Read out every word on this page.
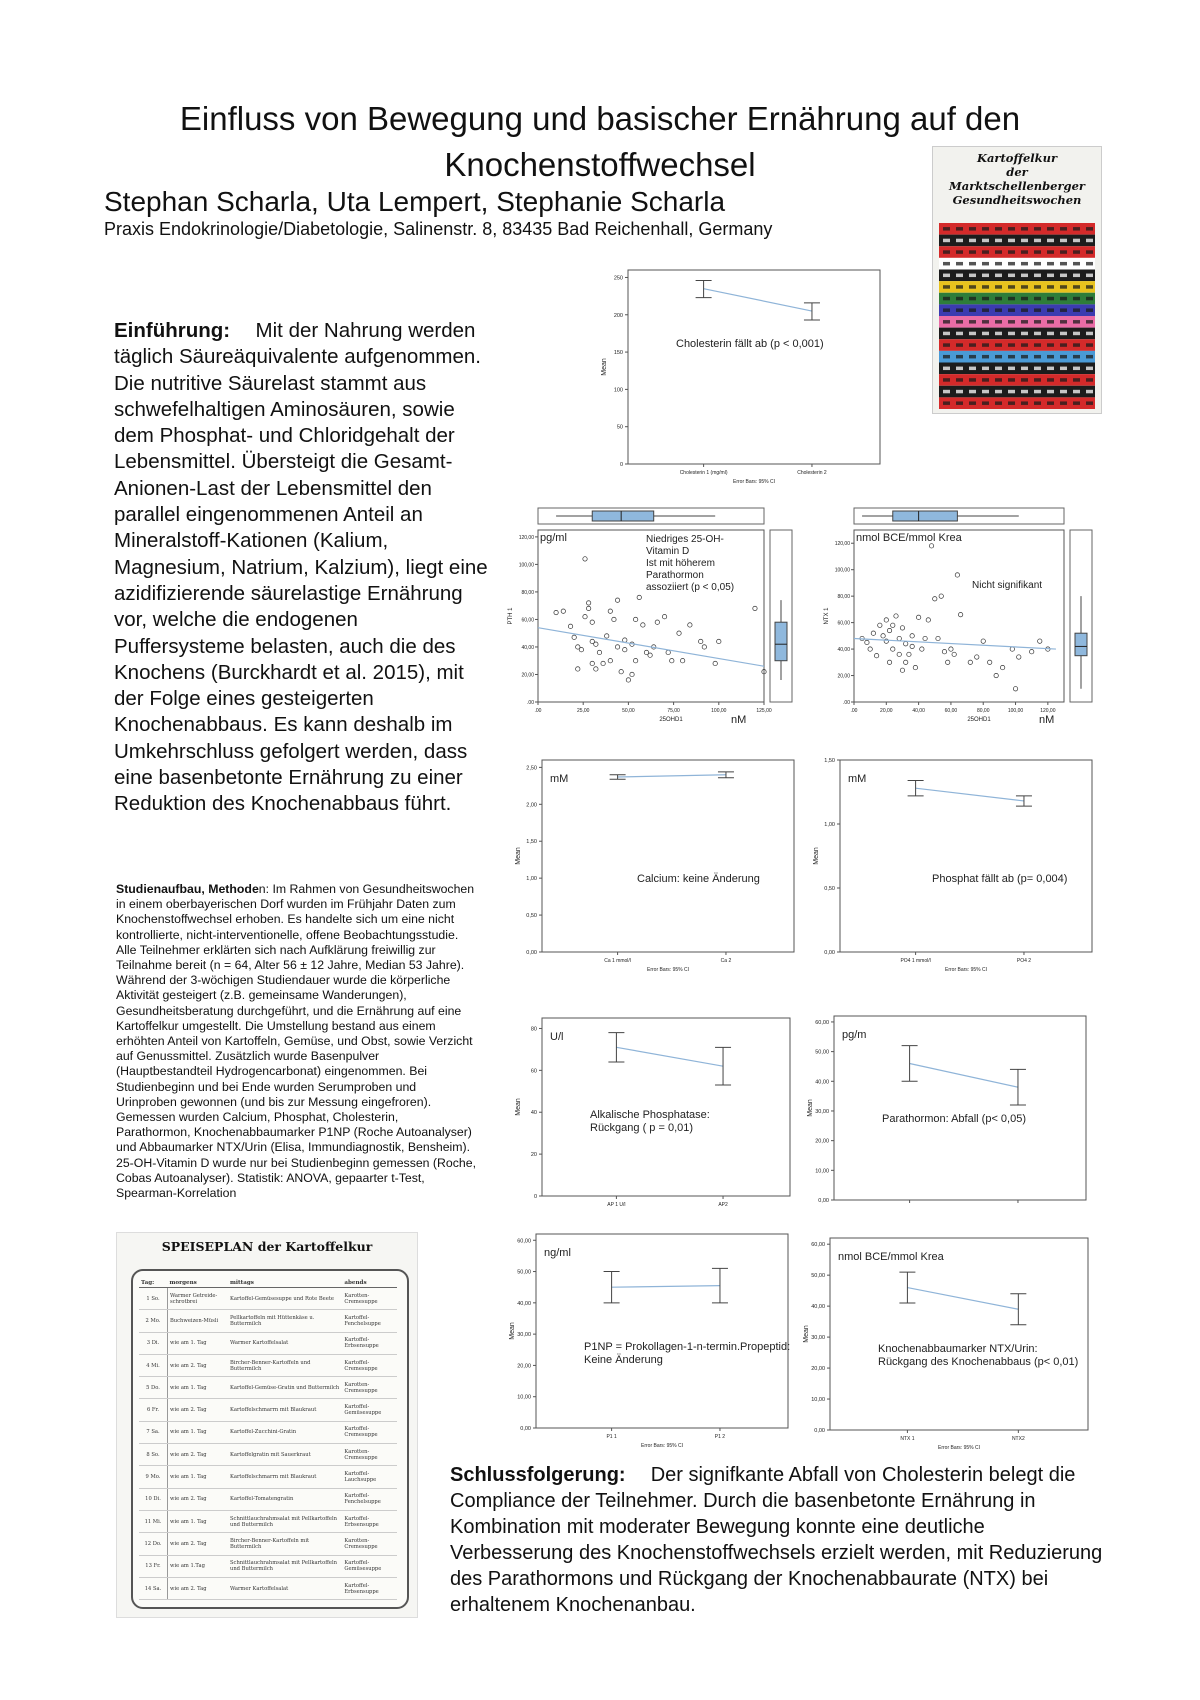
Einfluss von Bewegung und basischer Ernährung auf den
Knochenstoffwechsel
Stephan Scharla, Uta Lempert, Stephanie Scharla
Praxis Endokrinologie/Diabetologie, Salinenstr. 8, 83435 Bad Reichenhall, Germany
Kartoffelkur
der
Marktschellenberger
Gesundheitswochen
Einführung: Mit der Nahrung werden täglich Säureäquivalente aufgenommen. Die nutritive Säurelast stammt aus schwefelhaltigen Aminosäuren, sowie dem Phosphat- und Chloridgehalt der Lebensmittel. Übersteigt die Gesamt-Anionen-Last der Lebensmittel den parallel eingenommenen Anteil an Mineralstoff-Kationen (Kalium, Magnesium, Natrium, Kalzium), liegt eine azidifizierende säurelastige Ernährung vor, welche die endogenen Puffersysteme belasten, auch die des Knochens (Burckhardt et al. 2015), mit der Folge eines gesteigerten Knochenabbaus. Es kann deshalb im Umkehrschluss gefolgert werden, dass eine basenbetonte Ernährung zu einer Reduktion des Knochenabbaus führt.
Studienaufbau, Methoden: Im Rahmen von Gesundheitswochen in einem oberbayerischen Dorf wurden im Frühjahr Daten zum Knochenstoffwechsel erhoben. Es handelte sich um eine nicht kontrollierte, nicht-interventionelle, offene Beobachtungsstudie. Alle Teilnehmer erklärten sich nach Aufklärung freiwillig zur Teilnahme bereit (n = 64, Alter 56 ± 12 Jahre, Median 53 Jahre). Während der 3-wöchigen Studiendauer wurde die körperliche Aktivität gesteigert (z.B. gemeinsame Wanderungen), Gesundheitsberatung durchgeführt, und die Ernährung auf eine Kartoffelkur umgestellt. Die Umstellung bestand aus einem erhöhten Anteil von Kartoffeln, Gemüse, und Obst, sowie Verzicht auf Genussmittel. Zusätzlich wurde Basenpulver (Hauptbestandteil Hydrogencarbonat) eingenommen. Bei Studienbeginn und bei Ende wurden Serumproben und Urinproben gewonnen (und bis zur Messung eingefroren). Gemessen wurden Calcium, Phosphat, Cholesterin, Parathormon, Knochenabbaumarker P1NP (Roche Autoanalyser) und Abbaumarker NTX/Urin (Elisa, Immundiagnostik, Bensheim). 25-OH-Vitamin D wurde nur bei Studienbeginn gemessen (Roche, Cobas Autoanalyser). Statistik: ANOVA, gepaarter t-Test, Spearman-Korrelation
SPEISEPLAN der Kartoffelkur
Tag:	morgens	mittags	abends
1 So.	Warmer Getreide-schrotbrei	Kartoffel-Gemüsesuppe und Rote Beete	Karotten-Cremesuppe
2 Mo.	Buchweizen-Müsli	Pellkartoffeln mit Hüttenkäse u. Buttermilch	Kartoffel-Fenchelsuppe
3 Di.	wie am 1. Tag	Warmer Kartoffelsalat	Kartoffel-Erbsensuppe
4 Mi.	wie am 2. Tag	Bircher-Benner-Kartoffeln und Buttermilch	Kartoffel-Cremesuppe
5 Do.	wie am 1. Tag	Kartoffel-Gemüse-Gratin und Buttermilch	Karotten-Cremesuppe
6 Fr.	wie am 2. Tag	Kartoffelschmarrn mit Blaukraut	Kartoffel-Gemüsesuppe
7 Sa.	wie am 1. Tag	Kartoffel-Zucchini-Gratin	Kartoffel-Cremesuppe
8 So.	wie am 2. Tag	Kartoffelgratin mit Sauerkraut	Karotten-Cremesuppe
9 Mo.	wie am 1. Tag	Kartoffelschmarrn mit Blaukraut	Kartoffel-Lauchsuppe
10 Di.	wie am 2. Tag	Kartoffel-Tomatengratin	Kartoffel-Fenchelsuppe
11 Mi.	wie am 1. Tag	Schnittlauchrahmsalat mit Pellkartoffeln und Buttermilch	Kartoffel-Erbsensuppe
12 Do.	wie am 2. Tag	Bircher-Benner-Kartoffeln mit Buttermilch	Karotten-Cremesuppe
13 Fr.	wie am 1.Tag	Schnittlauchrahmsalat mit Pellkartoffeln und Buttermilch	Kartoffel-Gemüsesuppe
14 Sa.	wie am 2. Tag	Warmer Kartoffelsalat	Kartoffel-Erbsensuppe
Schlussfolgerung: Der signifkante Abfall von Cholesterin belegt die Compliance der Teilnehmer. Durch die basenbetonte Ernährung in Kombination mit moderater Bewegung konnte eine deutliche Verbesserung des Knochenstoffwechsels erzielt werden, mit Reduzierung des Parathormons und Rückgang der Knochenabbaurate (NTX) bei erhaltenem Knochenanbau.
0
50
100
150
200
250
Mean
Cholesterin 1 (mg/ml)	Cholesterin 2
Error Bars: 95% CI
Cholesterin fällt ab (p < 0,001)
.00
20,00
40,00
60,00
80,00
100,00
120,00
.00	25,00	50,00	75,00	100,00	125,00
25OHD1	nM
PTH 1
pg/ml	Niedriges 25-OH-
Vitamin D
Ist mit höherem
Parathormon
assoziiert (p < 0,05)
.00
20,00
40,00
60,00
80,00
100,00
120,00
.00	20,00	40,00	60,00	80,00	100,00	120,00
25OHD1	nM
NTX 1
nmol BCE/mmol Krea
Nicht signifikant
0,00
0,50
1,00
1,50
2,00
2,50
Mean
Ca 1 mmol/l	Ca 2
Error Bars: 95% CI
mM
Calcium: keine Änderung
0,00
0,50
1,00
1,50
Mean
PO4 1 mmol/l	PO4 2
Error Bars: 95% CI
mM
Phosphat fällt ab (p= 0,004)
0
20
40
60
80
Mean
AP 1 U/l	AP2
U/l
Alkalische Phosphatase:
Rückgang ( p = 0,01)
0,00
10,00
20,00
30,00
40,00
50,00
60,00
Mean
pg/m
Parathormon: Abfall (p< 0,05)
0,00
10,00
20,00
30,00
40,00
50,00
60,00
Mean
P1 1	P1 2
Error Bars: 95% CI
ng/ml
P1NP = Prokollagen-1-n-termin.Propeptid:
Keine Änderung
0,00
10,00
20,00
30,00
40,00
50,00
60,00
Mean
NTX 1	NTX2
Error Bars: 95% CI
nmol BCE/mmol Krea
Knochenabbaumarker NTX/Urin:
Rückgang des Knochenabbaus (p< 0,01)
